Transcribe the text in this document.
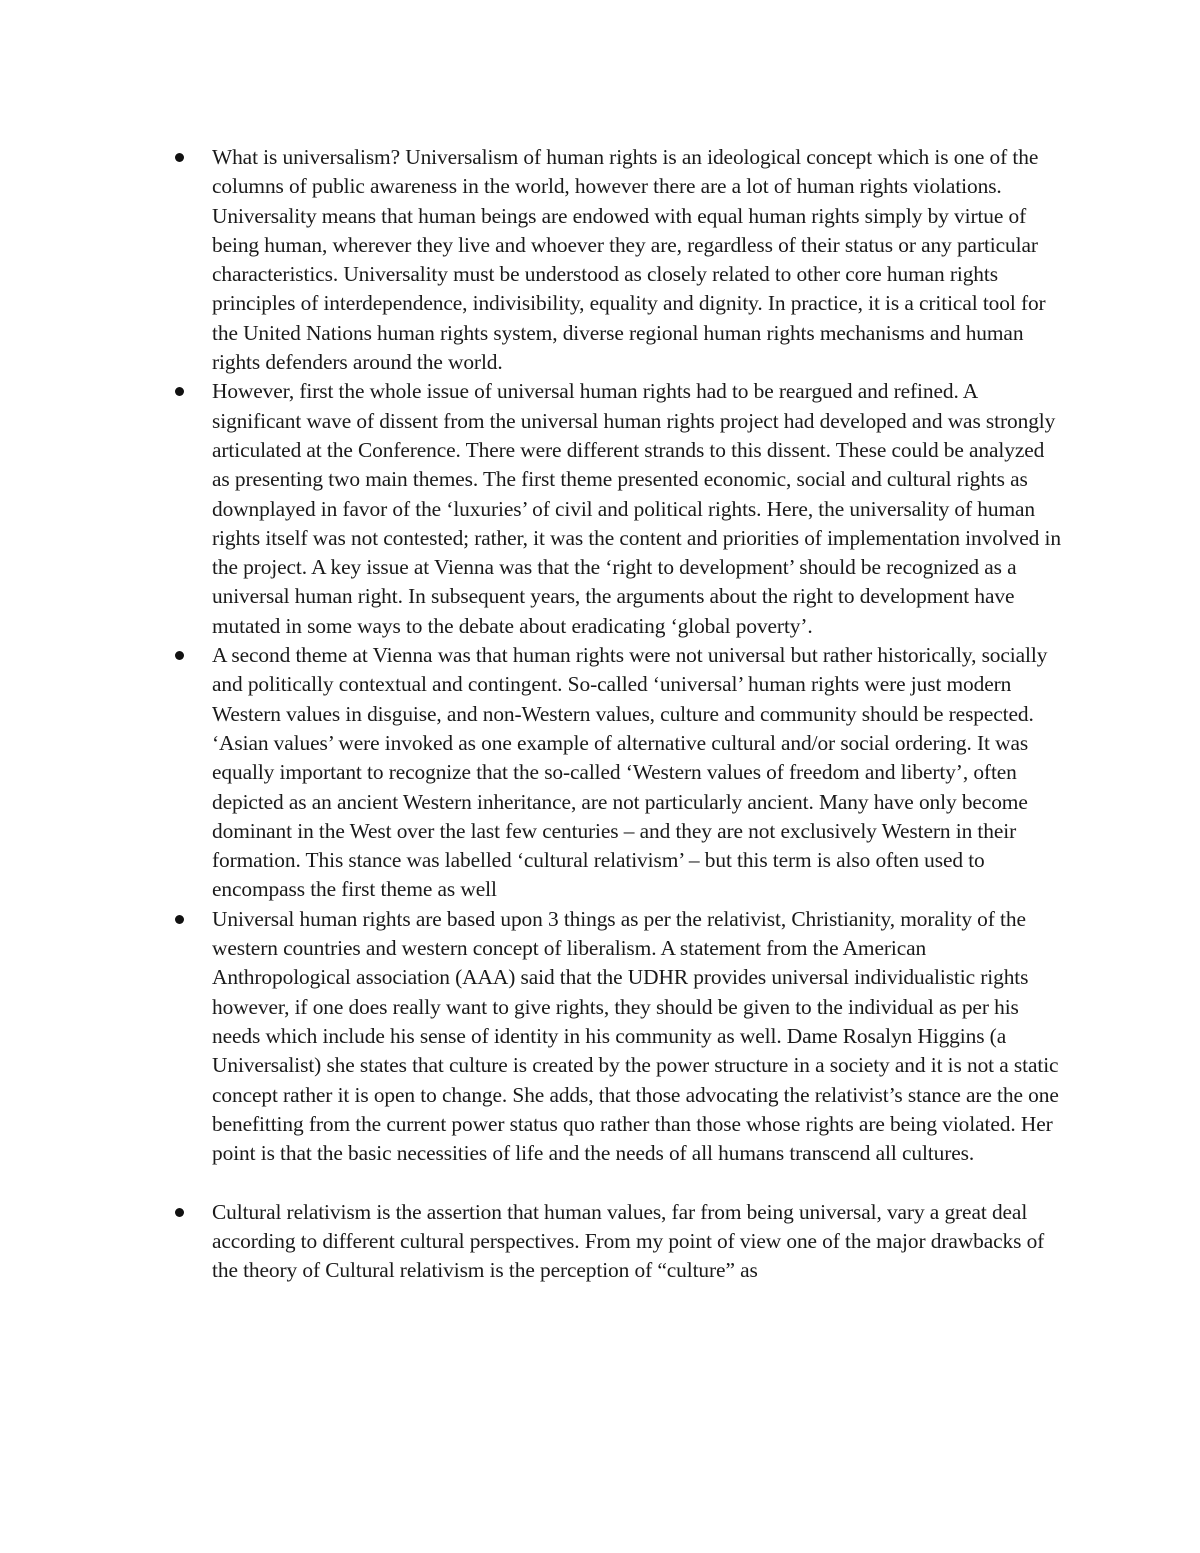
What is universalism? Universalism of human rights is an ideological concept which is one of the columns of public awareness in the world, however there are a lot of human rights violations. Universality means that human beings are endowed with equal human rights simply by virtue of being human, wherever they live and whoever they are, regardless of their status or any particular characteristics. Universality must be understood as closely related to other core human rights principles of interdependence, indivisibility, equality and dignity. In practice, it is a critical tool for the United Nations human rights system, diverse regional human rights mechanisms and human rights defenders around the world.
However, first the whole issue of universal human rights had to be reargued and refined. A significant wave of dissent from the universal human rights project had developed and was strongly articulated at the Conference. There were different strands to this dissent. These could be analyzed as presenting two main themes. The first theme presented economic, social and cultural rights as downplayed in favor of the ‘luxuries’ of civil and political rights. Here, the universality of human rights itself was not contested; rather, it was the content and priorities of implementation involved in the project. A key issue at Vienna was that the ‘right to development’ should be recognized as a universal human right. In subsequent years, the arguments about the right to development have mutated in some ways to the debate about eradicating ‘global poverty’.
A second theme at Vienna was that human rights were not universal but rather historically, socially and politically contextual and contingent. So-called ‘universal’ human rights were just modern Western values in disguise, and non-Western values, culture and community should be respected. ‘Asian values’ were invoked as one example of alternative cultural and/or social ordering. It was equally important to recognize that the so-called ‘Western values of freedom and liberty’, often depicted as an ancient Western inheritance, are not particularly ancient. Many have only become dominant in the West over the last few centuries – and they are not exclusively Western in their formation. This stance was labelled ‘cultural relativism’ – but this term is also often used to encompass the first theme as well
Universal human rights are based upon 3 things as per the relativist, Christianity, morality of the western countries and western concept of liberalism. A statement from the American Anthropological association (AAA) said that the UDHR provides universal individualistic rights however, if one does really want to give rights, they should be given to the individual as per his needs which include his sense of identity in his community as well. Dame Rosalyn Higgins (a Universalist) she states that culture is created by the power structure in a society and it is not a static concept rather it is open to change. She adds, that those advocating the relativist’s stance are the one benefitting from the current power status quo rather than those whose rights are being violated. Her point is that the basic necessities of life and the needs of all humans transcend all cultures.
Cultural relativism is the assertion that human values, far from being universal, vary a great deal according to different cultural perspectives. From my point of view one of the major drawbacks of the theory of Cultural relativism is the perception of “culture” as
